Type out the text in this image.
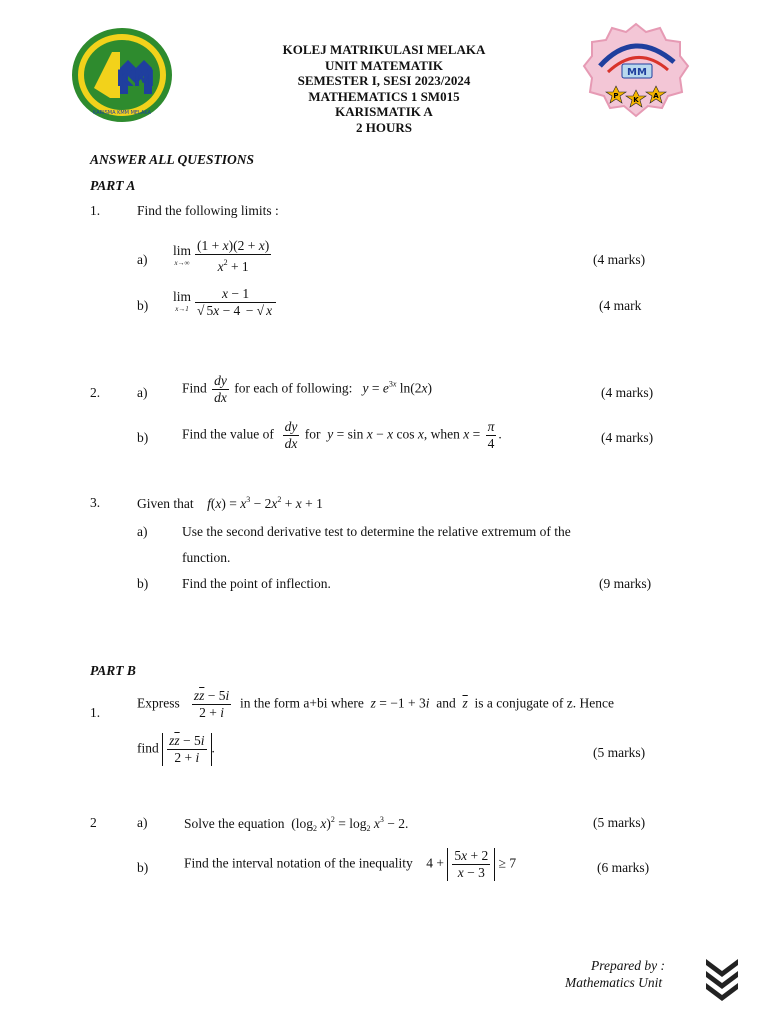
KM
KARISMA KMM MELAKA
MM
P K A
KOLEJ MATRIKULASI MELAKA
UNIT MATEMATIK
SEMESTER I, SESI 2023/2024
MATHEMATICS 1 SM015
KARISMATIK A
2 HOURS
ANSWER ALL QUESTIONS
PART A
1.	Find the following limits :
a)
lim
$x\to\infty \frac{(1 + x)(2 + x)}{x^2 + 1}$	(4 marks)
b)
lim
$x\to 1 \frac{x - 1}{√ 5x - 4 - √ x}$	(4 mark
2.	a)	Find $\frac{dy}{dx}$ for each of following: $y = e^{3x}$ ln(2x)	(4 marks)
b)	Find the value of $\frac{dy}{dx}$ for y = sin x − x cos x, when $x = \frac{\pi}{4}$ .	(4 marks)
3.	Given that $f(x) = x^3 - 2x^2 + x + 1$
a)	Use the second derivative test to determine the relative extremum of the
function.
b)	Find the point of inflection.	(9 marks)
PART B
1.
Express $\frac{z\overline{z} - 5i}{2 + i}$ in the form a+bi where z = −1 + 3i and $\overline{z}$ is a conjugate of z. Hence
find $\frac{z\overline{z} - 5i}{2 + i}$ .	(5 marks)
2	a)	Solve the equation  ($\log_2$ $x)^2 = \log_2 x^3 - 2$.	(5 marks)
b)	Find the interval notation of the inequality    $4 + \frac{5x + 2}{x - 3} \ge 7$	(6 marks)
Prepared by :
Mathematics Unit
